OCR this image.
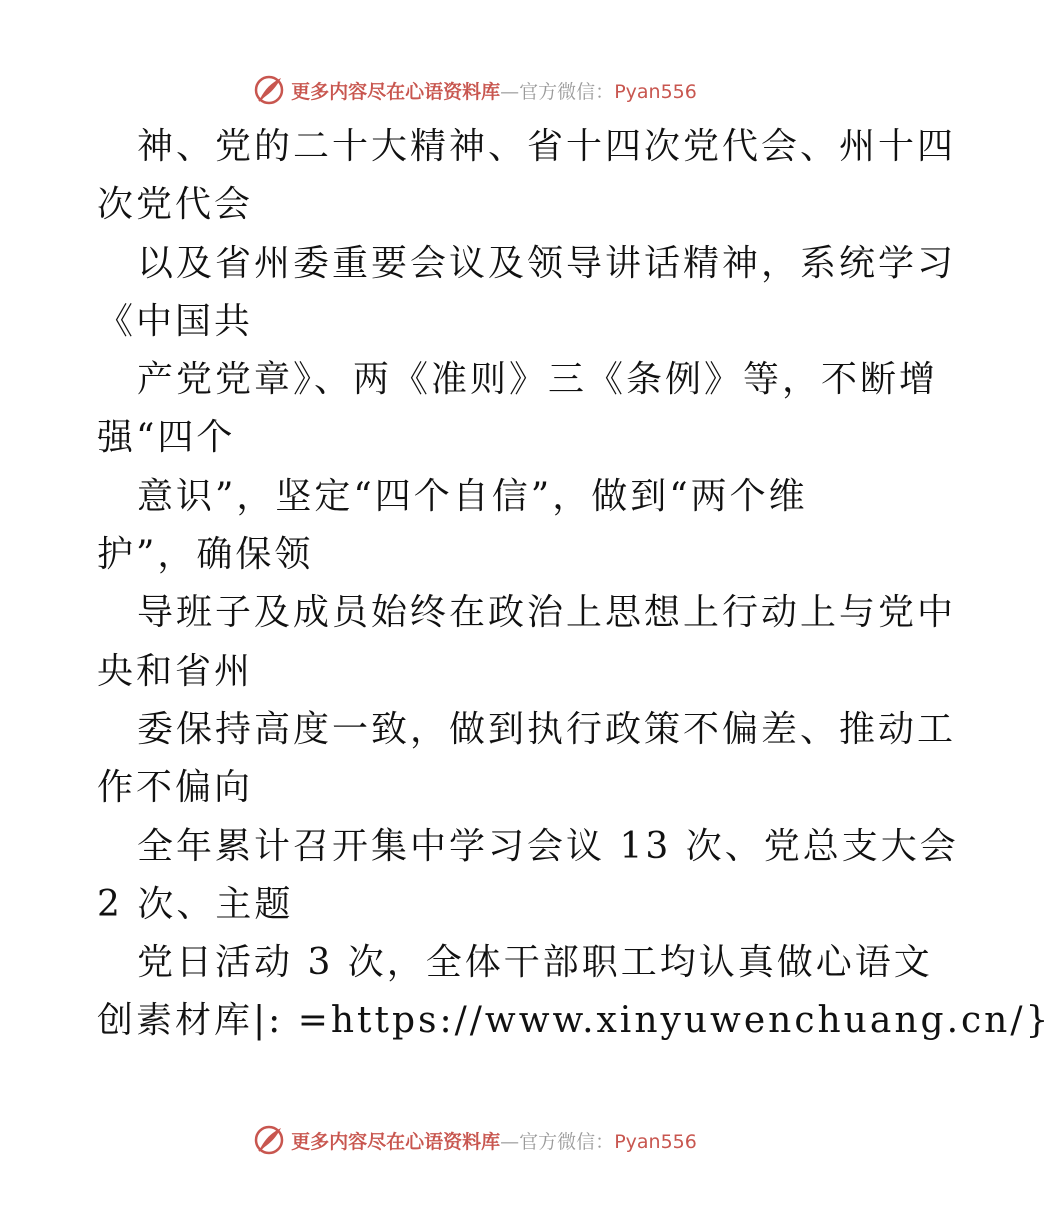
更多内容尽在心语资料库—官方微信：Pyan556
神、党的二十大精神、省十四次党代会、州十四
次党代会
以及省州委重要会议及领导讲话精神，系统学习
《中国共
产党党章》、两《准则》三《条例》等，不断增
强“四个
意识”，坚定“四个自信”，做到“两个维
护”，确保领
导班子及成员始终在政治上思想上行动上与党中
央和省州
委保持高度一致，做到执行政策不偏差、推动工
作不偏向
全年累计召开集中学习会议 13 次、党总支大会
2 次、主题
党日活动 3 次，全体干部职工均认真做心语文
创素材库|: =https://www.xinyuwenchuang.cn/}
更多内容尽在心语资料库—官方微信：Pyan556
